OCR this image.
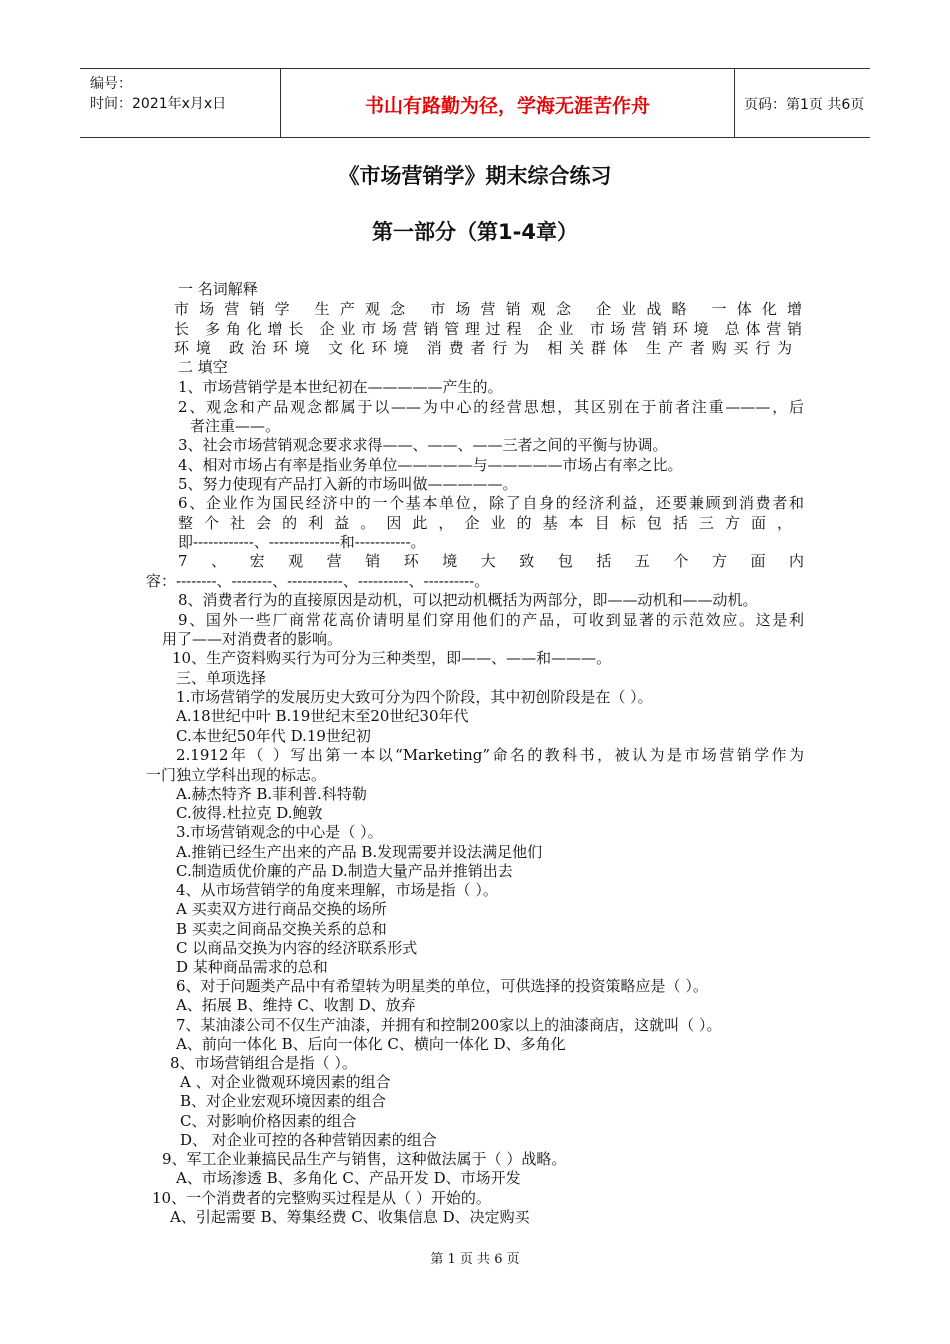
编号：
时间：2021年x月x日	书山有路勤为径，学海无涯苦作舟	页码：第1页 共6页
《市场营销学》期末综合练习
第一部分（第1-4章）
一 名词解释
市场营销学 生产观念 市场营销观念 企业战略 一体化增
长 多角化增长 企业市场营销管理过程 企业 市场营销环境 总体营销
环境 政治环境 文化环境 消费者行为 相关群体 生产者购买行为
二 填空
1、市场营销学是本世纪初在—————产生的。
2、观念和产品观念都属于以——为中心的经营思想，其区别在于前者注重———，后
者注重——。
3、社会市场营销观念要求求得——、——、——三者之间的平衡与协调。
4、相对市场占有率是指业务单位—————与—————市场占有率之比。
5、努力使现有产品打入新的市场叫做—————。
6、企业作为国民经济中的一个基本单位，除了自身的经济利益，还要兼顾到消费者和
整个社会的利益。因此，企业的基本目标包括三方面，
即------------、--------------和-----------。
7、宏观营销环境大致包括五个方面内
容：--------、--------、-----------、----------、----------。
8、消费者行为的直接原因是动机，可以把动机概括为两部分，即——动机和——动机。
9、国外一些厂商常花高价请明星们穿用他们的产品，可收到显著的示范效应。这是利
用了——对消费者的影响。
10、生产资料购买行为可分为三种类型，即——、——和———。
三、单项选择
1.市场营销学的发展历史大致可分为四个阶段，其中初创阶段是在（ ）。
A.18世纪中叶 B.19世纪末至20世纪30年代
C.本世纪50年代 D.19世纪初
2.1912年（ ）写出第一本以“Marketing”命名的教科书，被认为是市场营销学作为
一门独立学科出现的标志。
A.赫杰特齐 B.菲利普.科特勒
C.彼得.杜拉克 D.鲍敦
3.市场营销观念的中心是（ ）。
A.推销已经生产出来的产品 B.发现需要并设法满足他们
C.制造质优价廉的产品 D.制造大量产品并推销出去
4、从市场营销学的角度来理解，市场是指（ ）。
A 买卖双方进行商品交换的场所
B 买卖之间商品交换关系的总和
C 以商品交换为内容的经济联系形式
D 某种商品需求的总和
6、对于问题类产品中有希望转为明星类的单位，可供选择的投资策略应是（ ）。
A、拓展 B、维持 C、收割 D、放弃
7、某油漆公司不仅生产油漆，并拥有和控制200家以上的油漆商店，这就叫（ ）。
A、前向一体化 B、后向一体化 C、横向一体化 D、多角化
8、市场营销组合是指（ ）。
A 、对企业微观环境因素的组合
B、对企业宏观环境因素的组合
C、对影响价格因素的组合
D、 对企业可控的各种营销因素的组合
9、军工企业兼搞民品生产与销售，这种做法属于（ ）战略。
A、市场渗透 B、多角化 C、产品开发 D、市场开发
10、一个消费者的完整购买过程是从（ ）开始的。
A、引起需要 B、筹集经费 C、收集信息 D、决定购买
第 1 页 共 6 页
